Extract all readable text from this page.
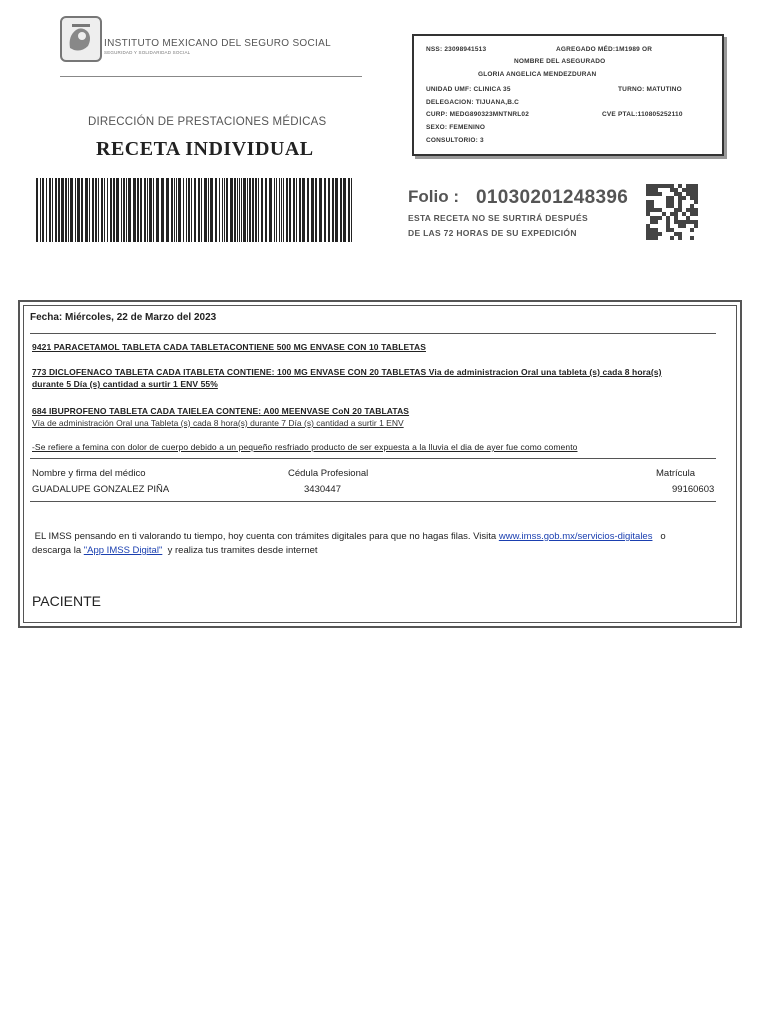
INSTITUTO MEXICANO DEL SEGURO SOCIAL
SEGURIDAD Y SOLIDARIDAD SOCIAL
DIRECCIÓN DE PRESTACIONES MÉDICAS
RECETA INDIVIDUAL
NSS: 23098941513	AGREGADO MÉD:1M1989 OR
NOMBRE DEL ASEGURADO
GLORIA ANGELICA MENDEZDURAN
UNIDAD UMF: CLINICA 35	TURNO: MATUTINO
DELEGACION: TIJUANA,B.C
CURP: MEDG890323MNTNRL02	CVE PTAL:110805252110
SEXO: FEMENINO
CONSULTORIO: 3
Folio : 01030201248396
ESTA RECETA NO SE SURTIRÁ DESPUÉS
DE LAS 72 HORAS DE SU EXPEDICIÓN
Fecha: Miércoles, 22 de Marzo del 2023
9421 PARACETAMOL TABLETA CADA TABLETACONTIENE 500 MG ENVASE CON 10 TABLETAS
773 DICLOFENACO TABLETA CADA ITABLETA CONTIENE: 100 MG ENVASE CON 20 TABLETAS Via de administracion Oral una tableta (s) cada 8 hora(s)
durante 5 Día (s) cantidad a surtir 1 ENV 55%
684 IBUPROFENO TABLETA CADA TAIELEA CONTENE: A00 MEENVASE CoN 20 TABLATAS
Vía de administración Oral una Tableta (s) cada 8 hora(s) durante 7 Día (s) cantidad a surtir 1 ENV
-Se refiere a femina con dolor de cuerpo debido a un pequeño resfriado producto de ser expuesta a la lluvia el dia de ayer fue como comento
Nombre y firma del médico
GUADALUPE GONZALEZ PIÑA
Cédula Profesional
3430447
Matrícula
99160603
EL IMSS pensando en ti valorando tu tiempo, hoy cuenta con trámites digitales para que no hagas filas. Visita www.imss.gob.mx/servicios-digitales o
descarga la "App IMSS Digital" y realiza tus tramites desde internet
PACIENTE
